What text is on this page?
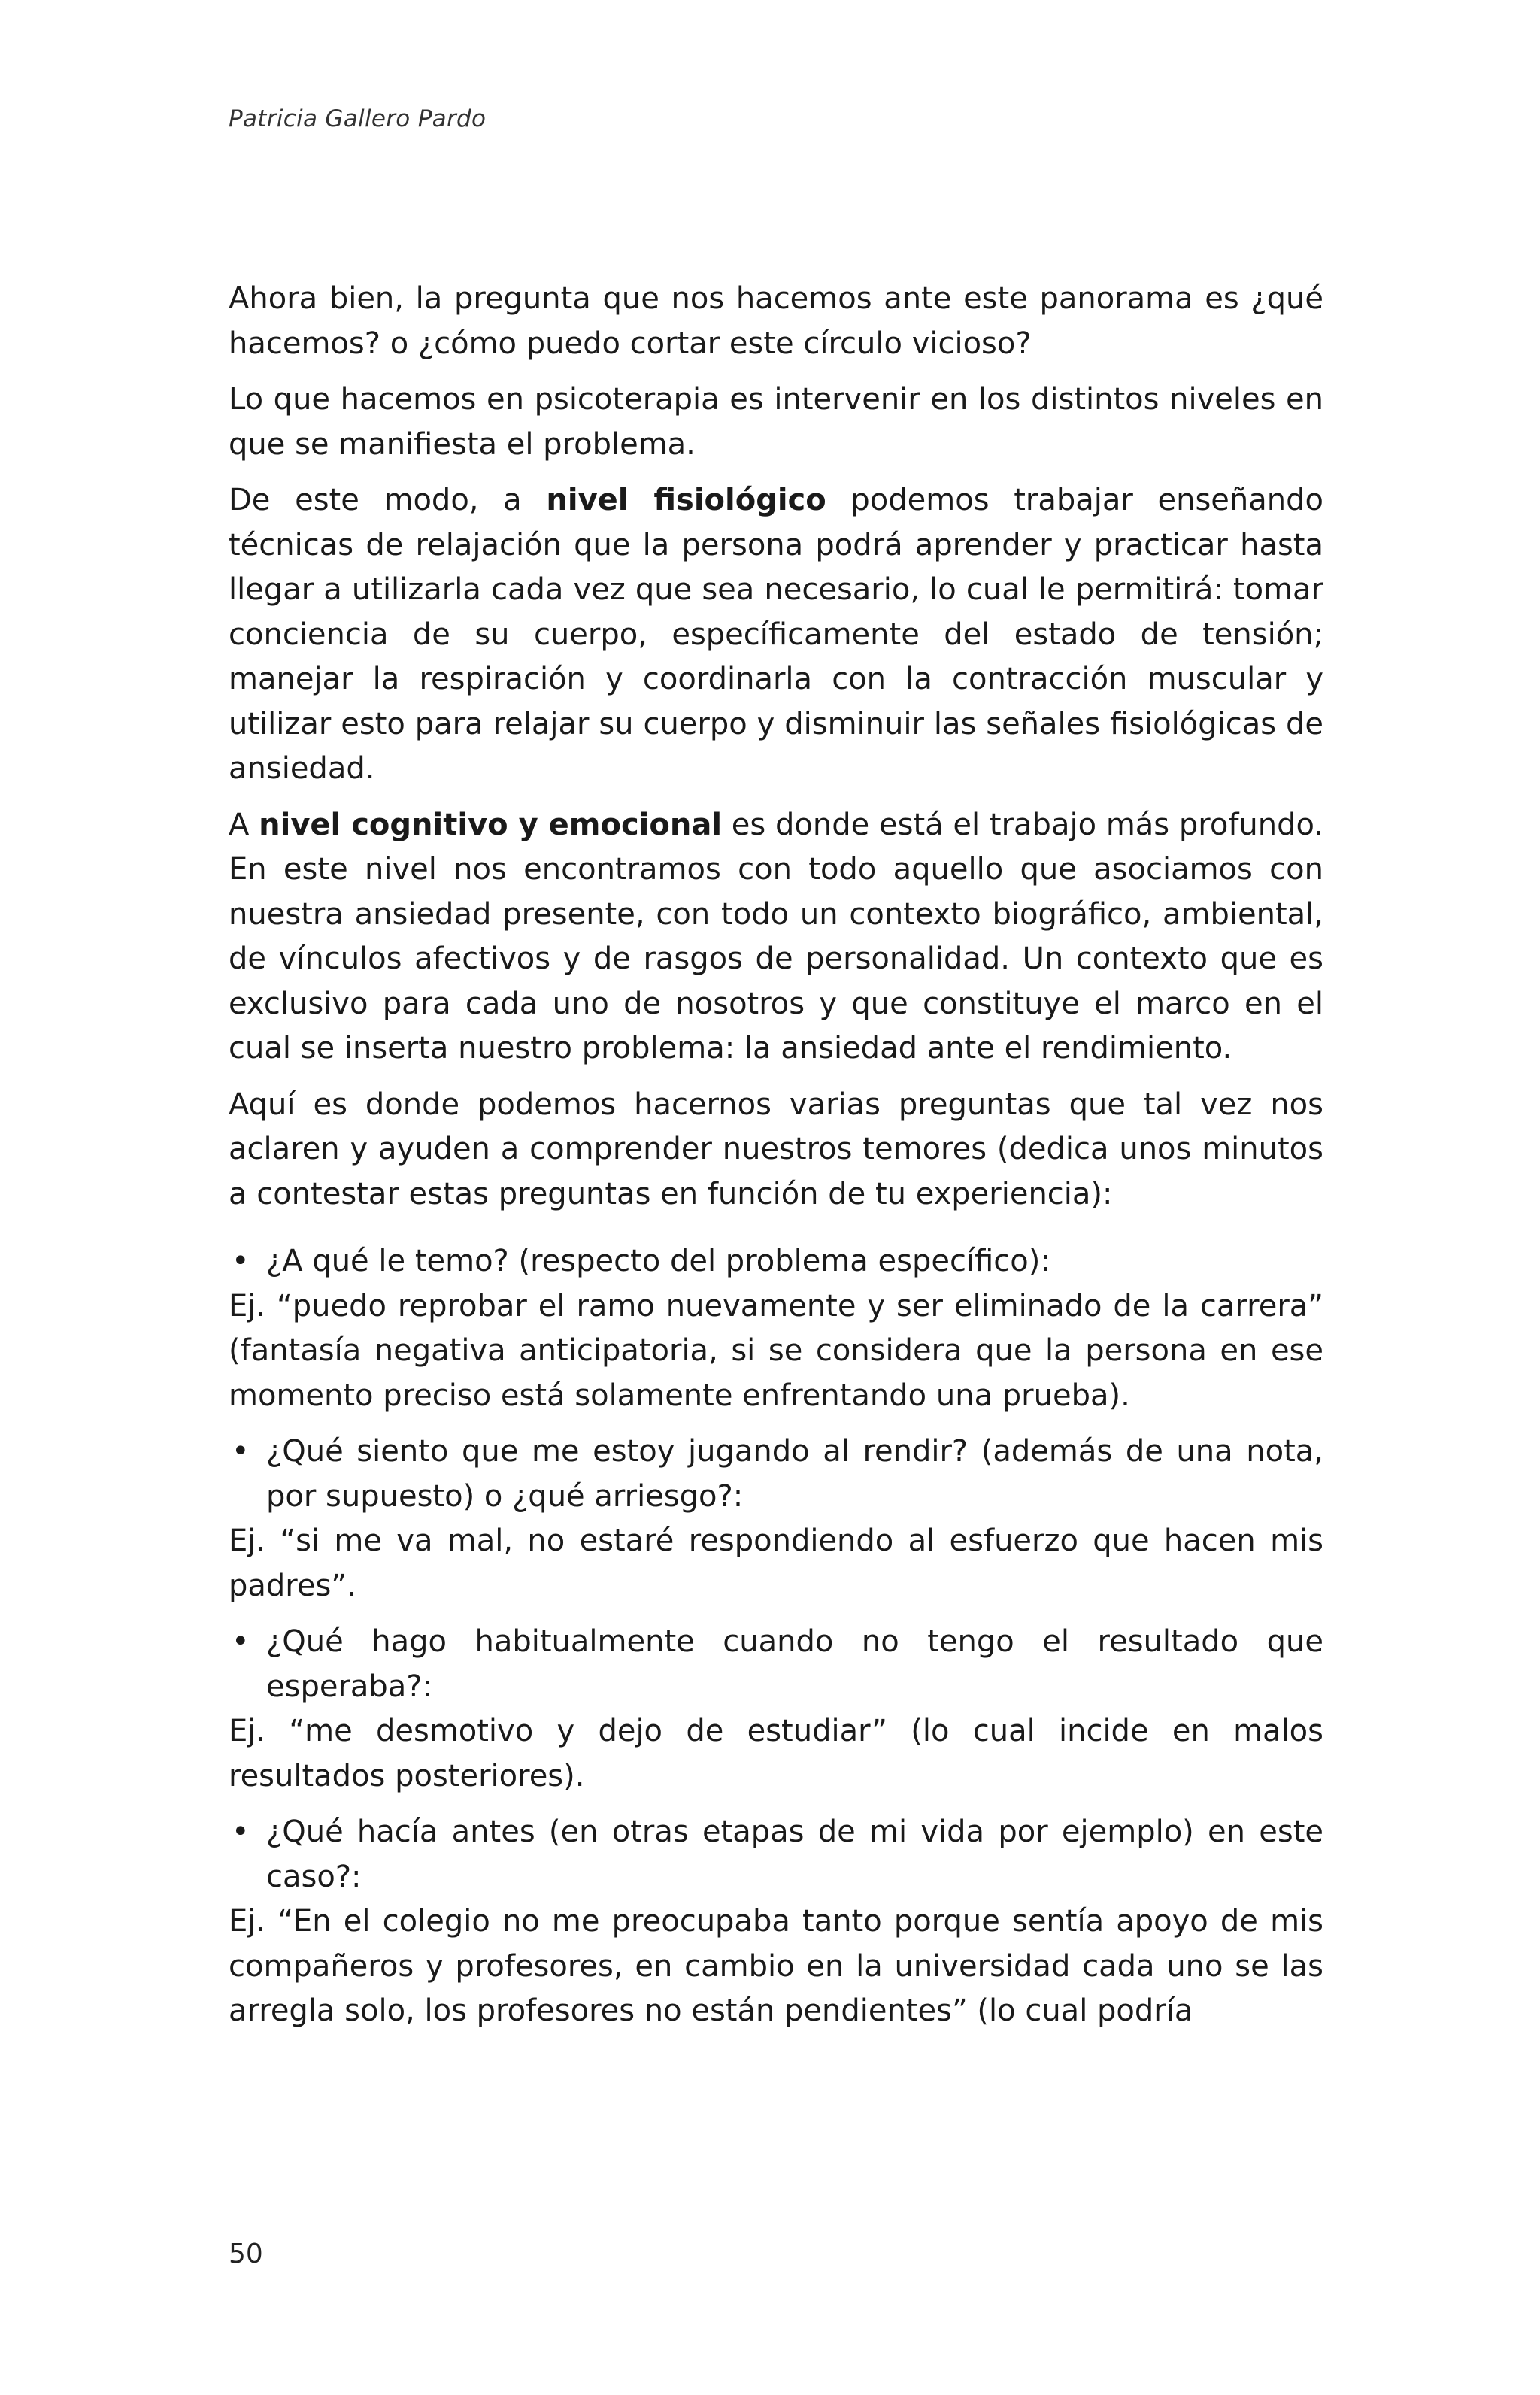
Patricia Gallero Pardo

Ahora bien, la pregunta que nos hacemos ante este panorama es ¿qué hacemos? o ¿cómo puedo cortar este círculo vicioso?

Lo que hacemos en psicoterapia es intervenir en los distintos niveles en que se manifiesta el problema.

De este modo, a nivel fisiológico podemos trabajar enseñando técnicas de relajación que la persona podrá aprender y practicar hasta llegar a utilizarla cada vez que sea necesario, lo cual le permitirá: tomar conciencia de su cuerpo, específicamente del estado de tensión; manejar la respiración y coordinarla con la contracción muscular y utilizar esto para relajar su cuerpo y disminuir las señales fisiológicas de ansiedad.

A nivel cognitivo y emocional es donde está el trabajo más profundo. En este nivel nos encontramos con todo aquello que asociamos con nuestra ansiedad presente, con todo un contexto biográfico, ambiental, de vínculos afectivos y de rasgos de personalidad. Un contexto que es exclusivo para cada uno de nosotros y que constituye el marco en el cual se inserta nuestro problema: la ansiedad ante el rendimiento.

Aquí es donde podemos hacernos varias preguntas que tal vez nos aclaren y ayuden a comprender nuestros temores (dedica unos minutos a contestar estas preguntas en función de tu experiencia):

• ¿A qué le temo? (respecto del problema específico):

Ej. “puedo reprobar el ramo nuevamente y ser eliminado de la carrera” (fantasía negativa anticipatoria, si se considera que la persona en ese momento preciso está solamente enfrentando una prueba).

• ¿Qué siento que me estoy jugando al rendir? (además de una nota, por supuesto) o ¿qué arriesgo?:

Ej. “si me va mal, no estaré respondiendo al esfuerzo que hacen mis padres”.

• ¿Qué hago habitualmente cuando no tengo el resultado que esperaba?:

Ej. “me desmotivo y dejo de estudiar” (lo cual incide en malos resultados posteriores).

• ¿Qué hacía antes (en otras etapas de mi vida por ejemplo) en este caso?:

Ej. “En el colegio no me preocupaba tanto porque sentía apoyo de mis compañeros y profesores, en cambio en la universidad cada uno se las arregla solo, los profesores no están pendientes” (lo cual podría

50
